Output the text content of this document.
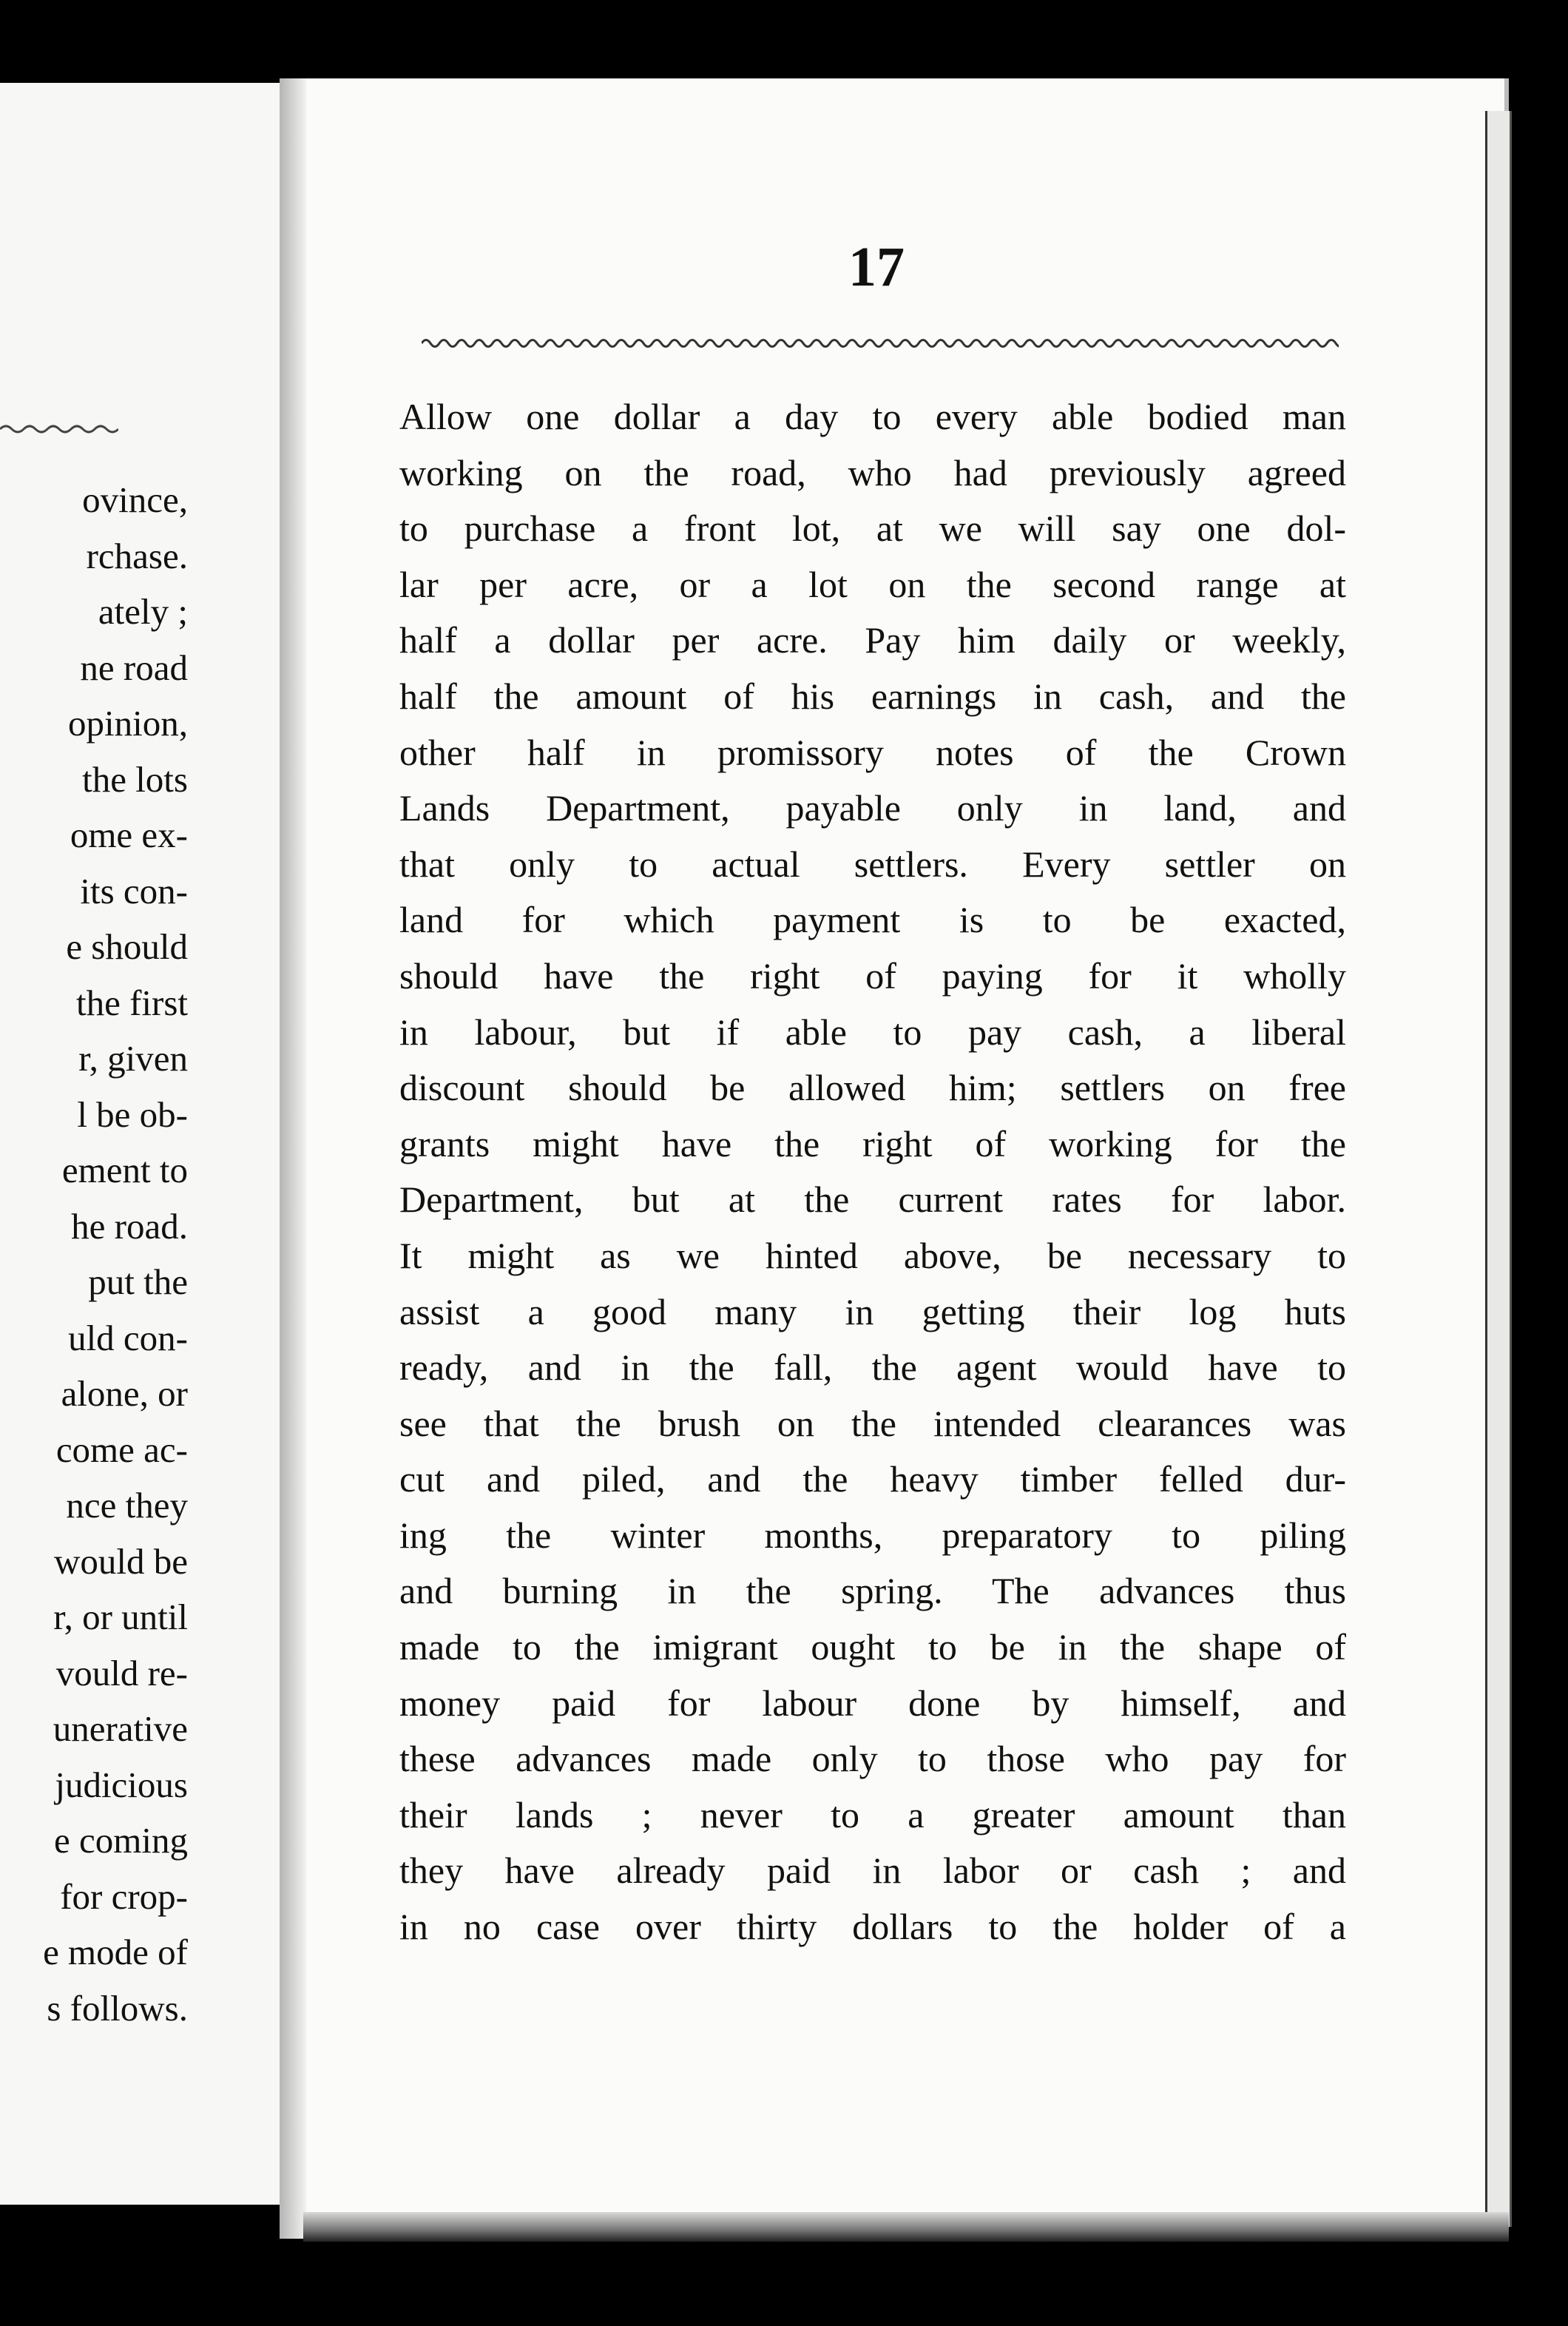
ovince,
rchase.
ately ;
ne road
opinion,
the lots
ome ex-
its con-
e should
the first
r, given
l be ob-
ement to
he road.
put the
uld con-
alone, or
come ac-
nce they
would be
r, or until
vould re-
unerative
judicious
e coming
for crop-
e mode of
s follows.
17
Allow one dollar a day to every able bodied man
working on the road, who had previously agreed
to purchase a front lot, at we will say one dol-
lar per acre, or a lot on the second range at
half a dollar per acre. Pay him daily or weekly,
half the amount of his earnings in cash, and the
other half in promissory notes of the Crown
Lands Department, payable only in land, and
that only to actual settlers. Every settler on
land for which payment is to be exacted,
should have the right of paying for it wholly
in labour, but if able to pay cash, a liberal
discount should be allowed him; settlers on free
grants might have the right of working for the
Department, but at the current rates for labor.
It might as we hinted above, be necessary to
assist a good many in getting their log huts
ready, and in the fall, the agent would have to
see that the brush on the intended clearances was
cut and piled, and the heavy timber felled dur-
ing the winter months, preparatory to piling
and burning in the spring. The advances thus
made to the imigrant ought to be in the shape of
money paid for labour done by himself, and
these advances made only to those who pay for
their lands ; never to a greater amount than
they have already paid in labor or cash ; and
in no case over thirty dollars to the holder of a
